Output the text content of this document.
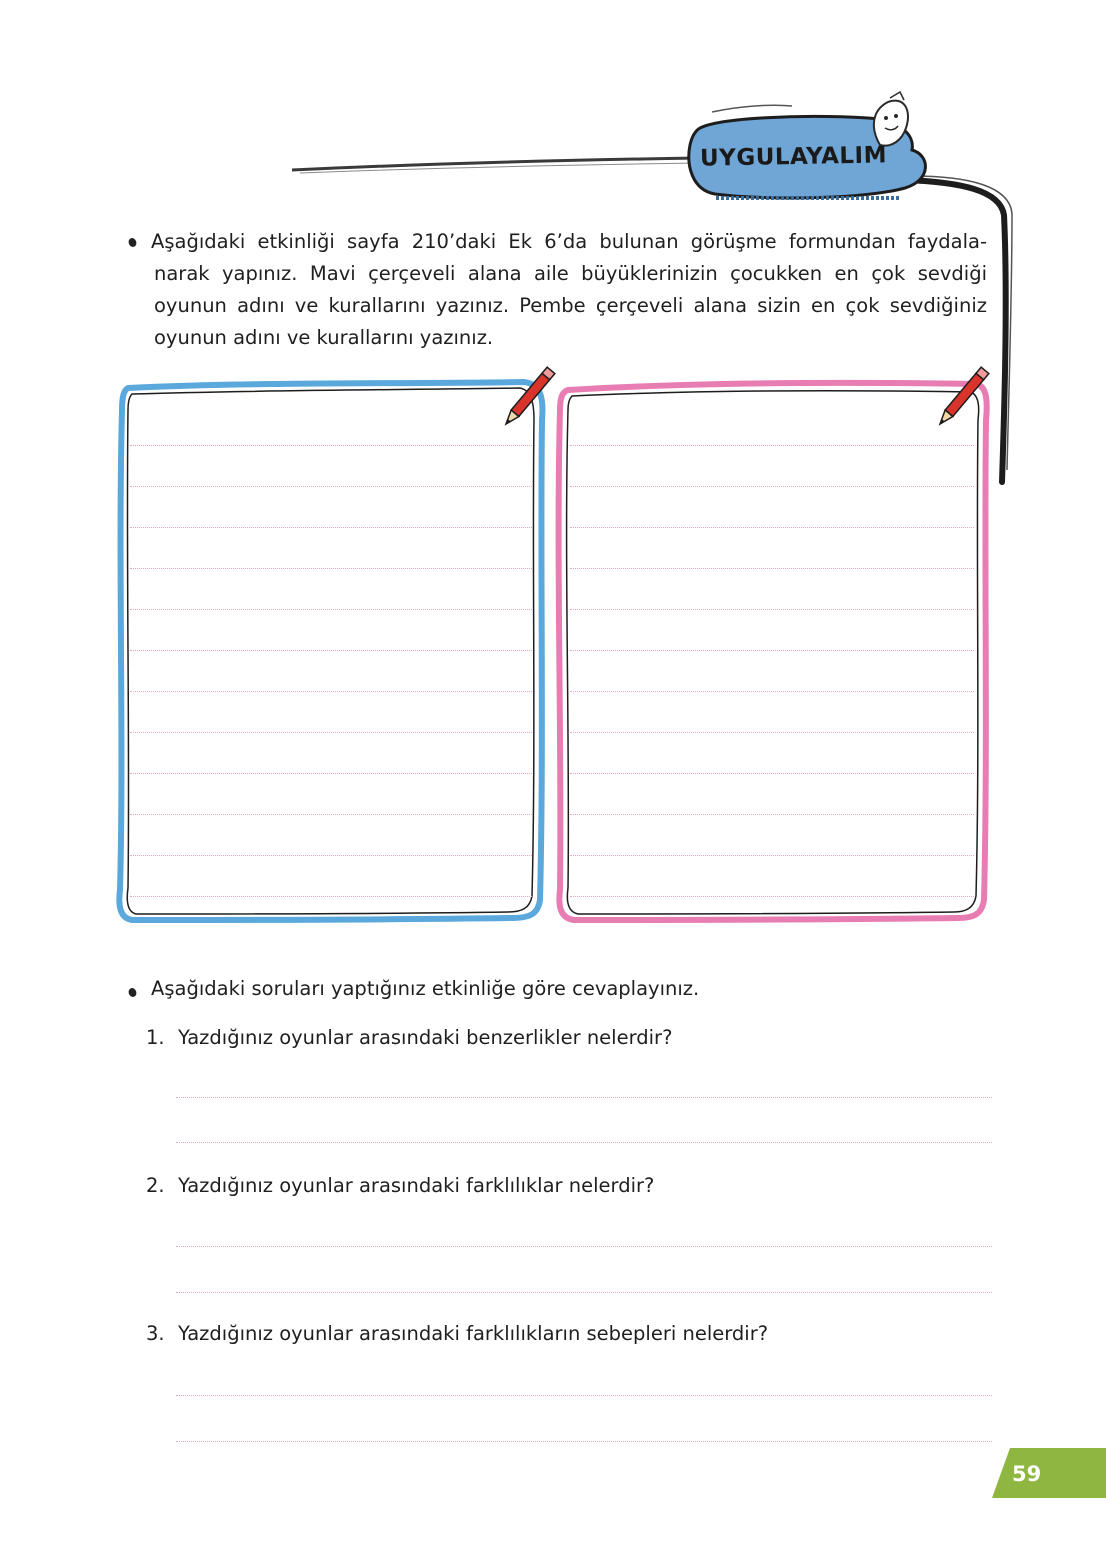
UYGULAYALIM
Aşağıdaki etkinliği sayfa 210’daki Ek 6’da bulunan görüşme formundan faydala-
narak yapınız. Mavi çerçeveli alana aile büyüklerinizin çocukken en çok sevdiği
oyunun adını ve kurallarını yazınız. Pembe çerçeveli alana sizin en çok sevdiğiniz
oyunun adını ve kurallarını yazınız.
Aşağıdaki soruları yaptığınız etkinliğe göre cevaplayınız.
1. Yazdığınız oyunlar arasındaki benzerlikler nelerdir?
2. Yazdığınız oyunlar arasındaki farklılıklar nelerdir?
3. Yazdığınız oyunlar arasındaki farklılıkların sebepleri nelerdir?
59
